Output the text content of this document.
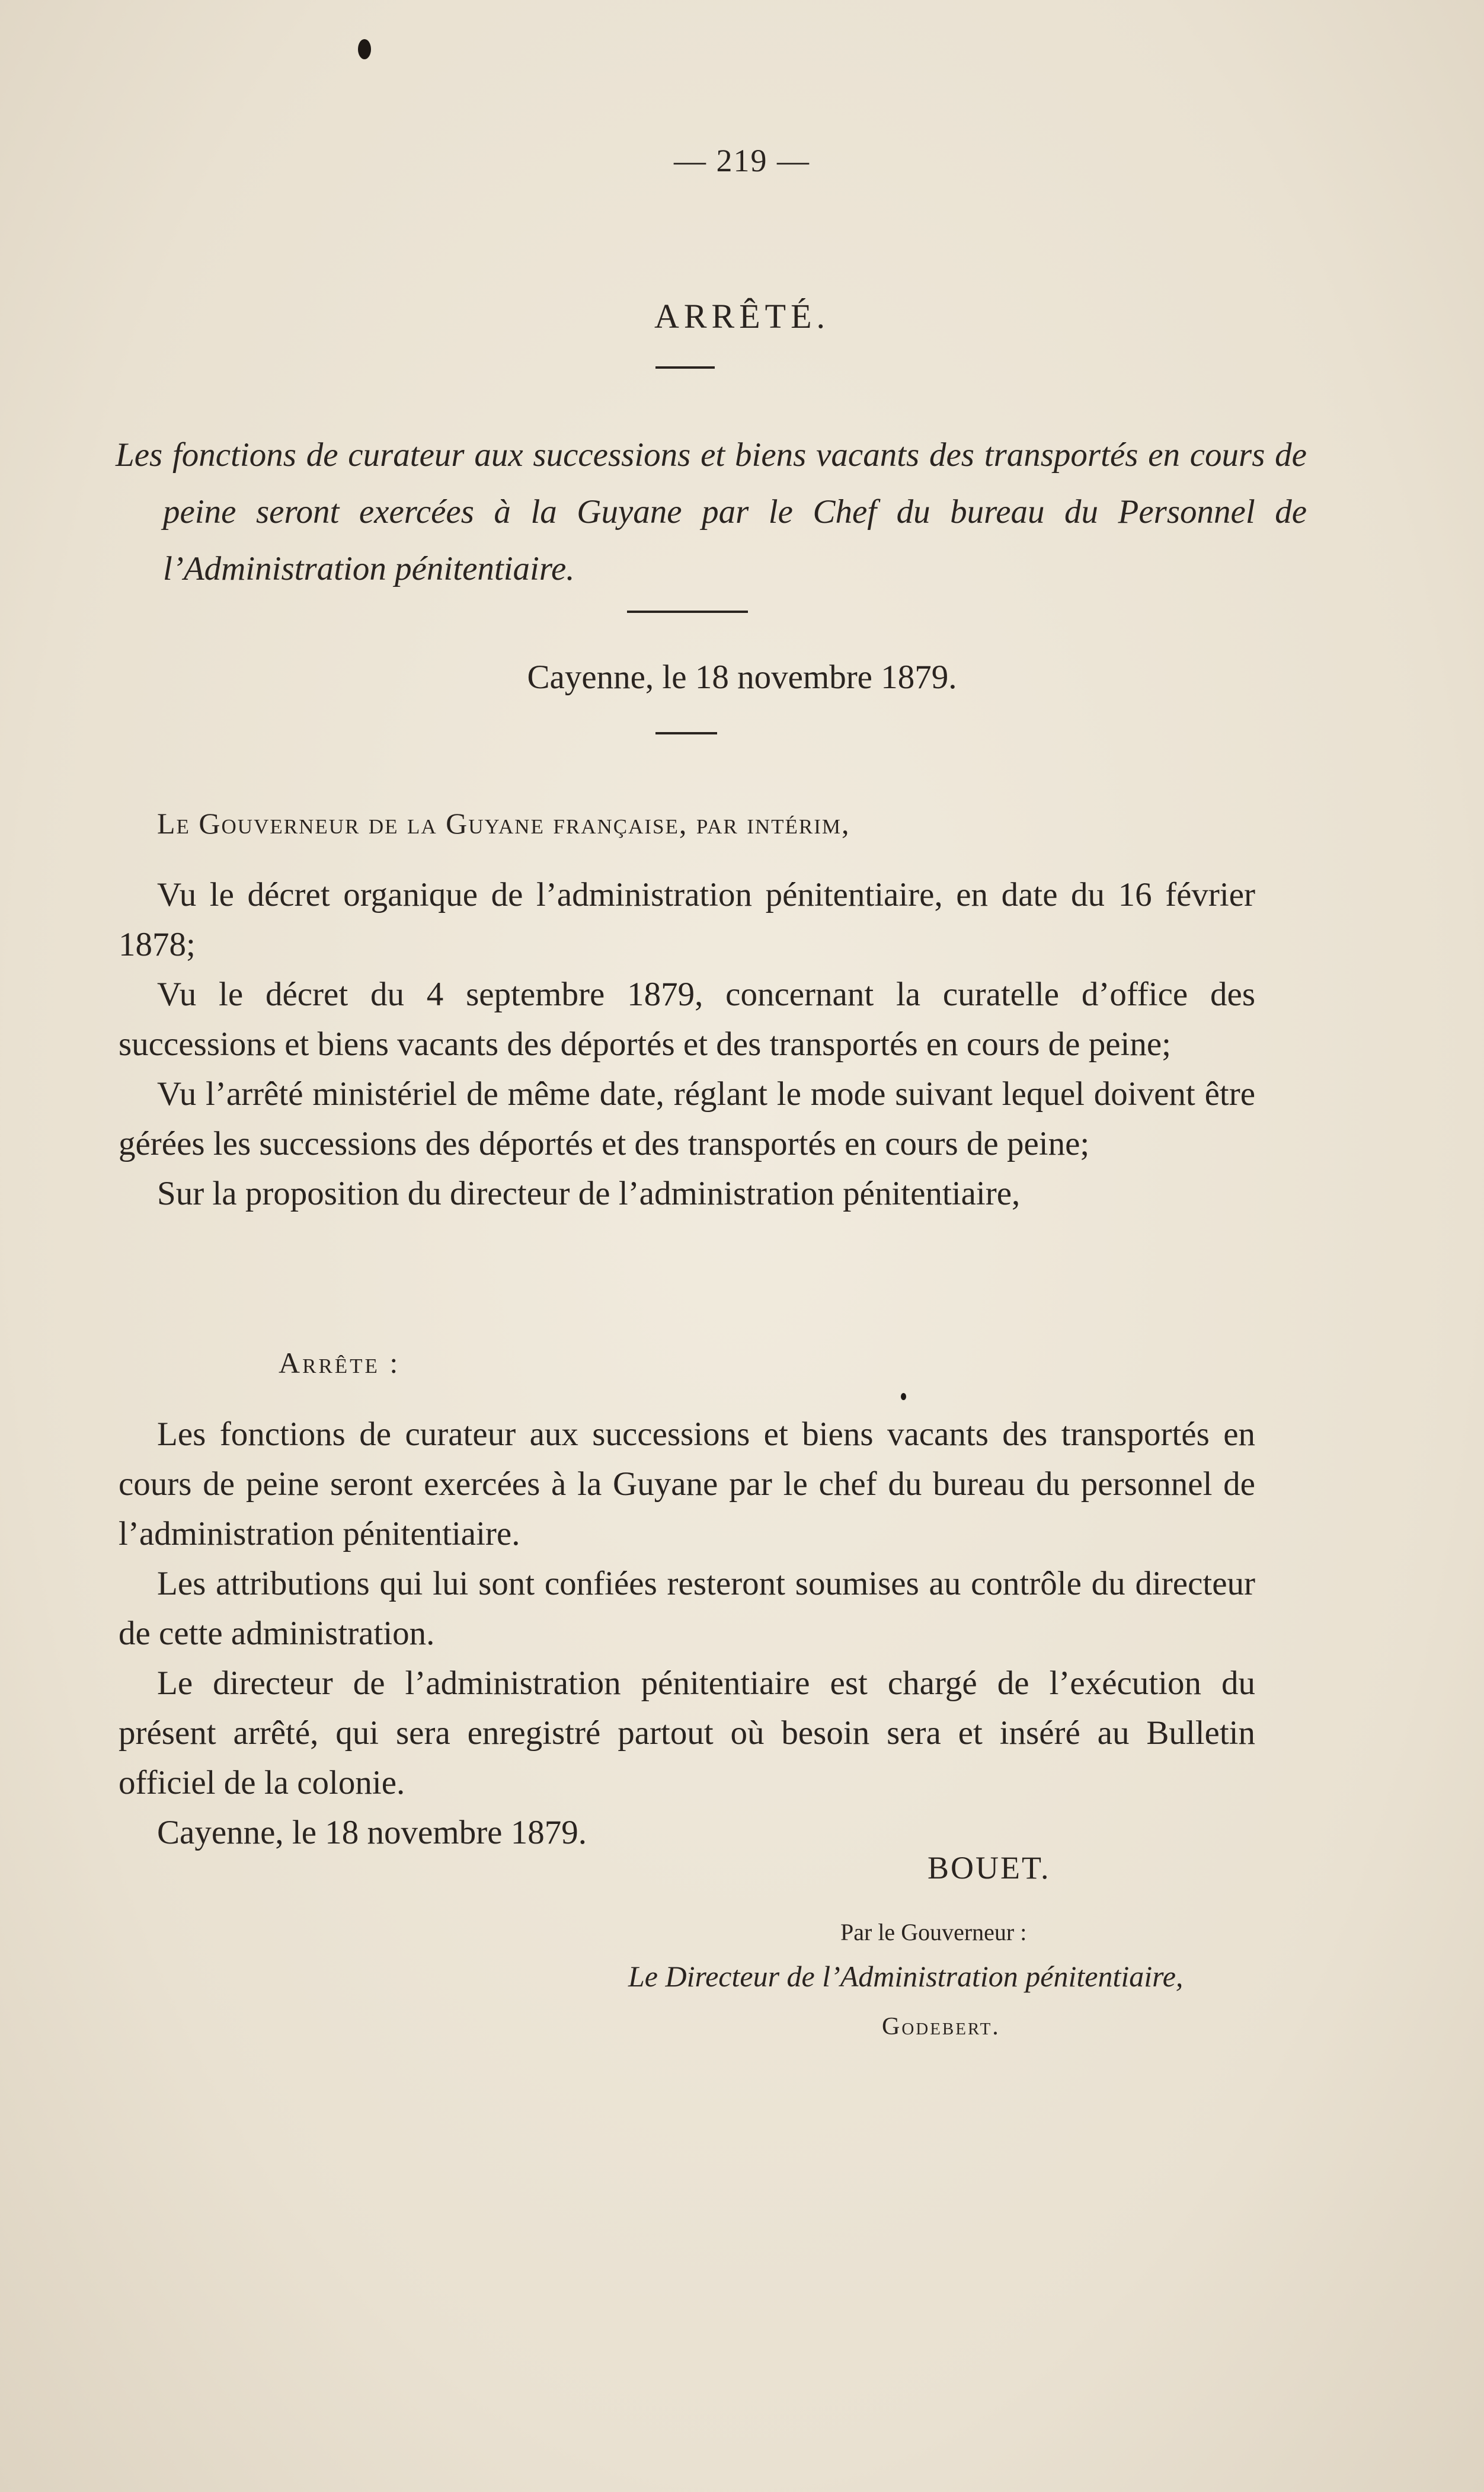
— 219 —
ARRÊTÉ.
Les fonctions de curateur aux successions et biens vacants des transportés en cours de peine seront exercées à la Guyane par le Chef du bureau du Personnel de l’Administration pénitentiaire.
Cayenne, le 18 novembre 1879.
Le Gouverneur de la Guyane française, par intérim,

Vu le décret organique de l’administration pénitentiaire, en date du 16 février 1878;

Vu le décret du 4 septembre 1879, concernant la curatelle d’office des successions et biens vacants des déportés et des transportés en cours de peine;

Vu l’arrêté ministériel de même date, réglant le mode suivant lequel doivent être gérées les successions des déportés et des transportés en cours de peine;

Sur la proposition du directeur de l’administration pénitentiaire,

Arrête :

Les fonctions de curateur aux successions et biens vacants des transportés en cours de peine seront exercées à la Guyane par le chef du bureau du personnel de l’administration pénitentiaire.

Les attributions qui lui sont confiées resteront soumises au contrôle du directeur de cette administration.

Le directeur de l’administration pénitentiaire est chargé de l’exécution du présent arrêté, qui sera enregistré partout où besoin sera et inséré au Bulletin officiel de la colonie.

Cayenne, le 18 novembre 1879.

BOUET.
Par le Gouverneur :
Le Directeur de l’Administration pénitentiaire,
Godebert.
